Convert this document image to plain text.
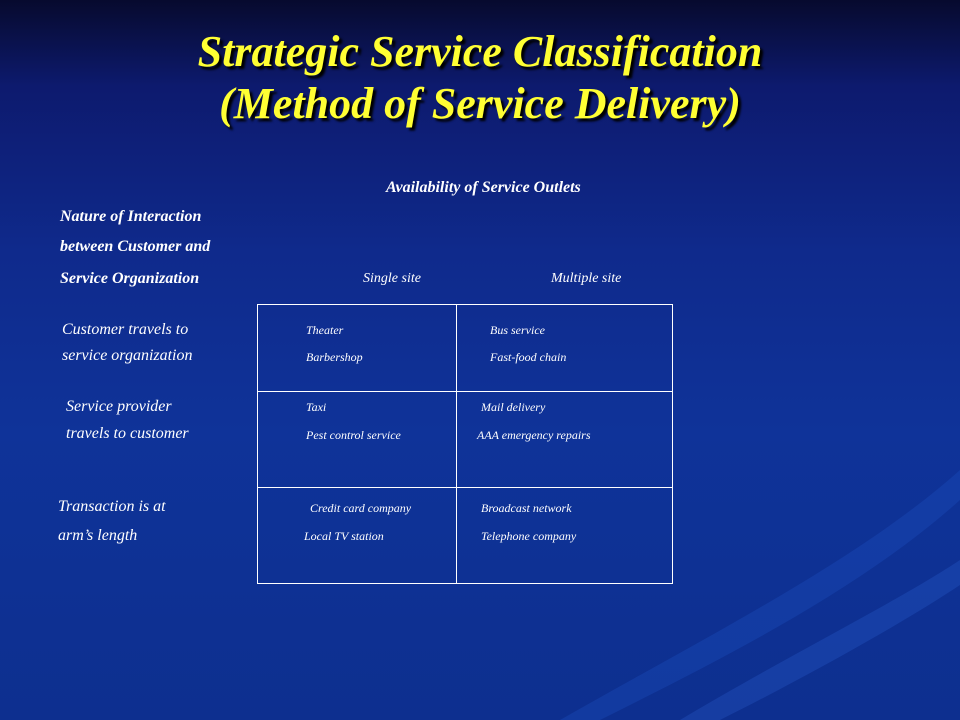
Strategic Service Classification
(Method of Service Delivery)
Availability of Service Outlets
Nature of Interaction
between Customer and
Service Organization	Single site	Multiple site
Customer travels to
service organization
Theater
Barbershop
Bus service
Fast-food chain
Service provider
travels to customer
Taxi
Pest control service
Mail delivery
AAA emergency repairs
Transaction is at
arm’s length
Credit card company
Local TV station
Broadcast network
Telephone company
